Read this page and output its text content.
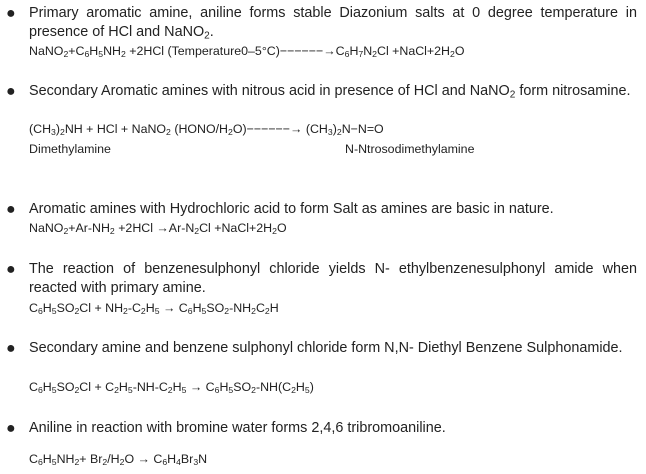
● Primary aromatic amine, aniline forms stable Diazonium salts at 0 degree temperature in presence of HCl and NaNO$_2$.
$NaNO_2+C_6H_5NH_2 +2HCl$ $(Temperature0-5^\circ C)------\to C_6H_7N_2Cl$ $+NaCl+2H_2O$
● Secondary Aromatic amines with nitrous acid in presence of HCl and NaNO$_2$ form nitrosamine.
$(CH_3)_2NH$ + HCl + NaNO$_2$ $(HONO/H_2O)------\to (CH_3)_2N-N=O$
Dimethylamine	N-Ntrosodimethylamine
● Aromatic amines with Hydrochloric acid to form Salt as amines are basic in nature.
$NaNO_2+Ar-NH_2 +2HCl \to Ar-N_2Cl$ $+NaCl+2H_2O$
● The reaction of benzenesulphonyl chloride yields N- ethylbenzenesulphonyl amide when reacted with primary amine.
$C_6H_5SO_2Cl + NH_2-C_2H_5 \to C_6H_5SO_2-NH_2C_2H$
● Secondary amine and benzene sulphonyl chloride form N,N- Diethyl Benzene Sulphonamide.
$C_6H_5SO_2Cl + C_2H_5-NH-C_2H_5 \to C_6H_5SO_2-NH(C_2H_5)$
● Aniline in reaction with bromine water forms 2,4,6 tribromoaniline.
$C_6H_5NH_2+ Br_2/H_2O \to C_6H_4Br_3N$
